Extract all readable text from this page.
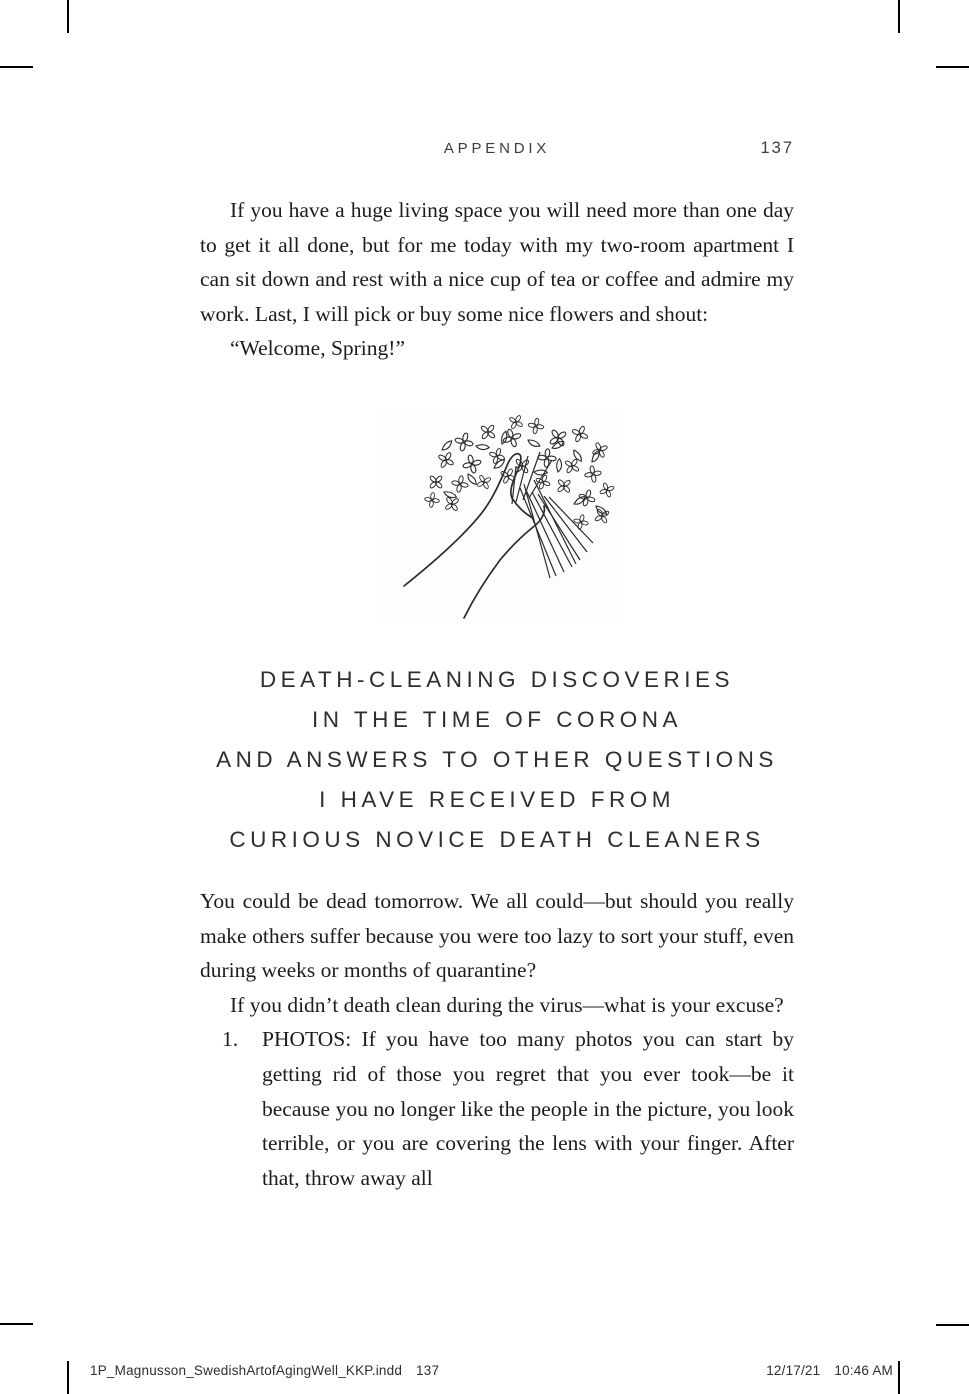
APPENDIX	137

If you have a huge living space you will need more than one day to get it all done, but for me today with my two-room apartment I can sit down and rest with a nice cup of tea or coffee and admire my work. Last, I will pick or buy some nice flowers and shout:

“Welcome, Spring!”

DEATH-CLEANING DISCOVERIES
IN THE TIME OF CORONA
AND ANSWERS TO OTHER QUESTIONS
I HAVE RECEIVED FROM
CURIOUS NOVICE DEATH CLEANERS

You could be dead tomorrow. We all could—but should you really make others suffer because you were too lazy to sort your stuff, even during weeks or months of quarantine?

If you didn’t death clean during the virus—what is your excuse?

1.	PHOTOS: If you have too many photos you can start by getting rid of those you regret that you ever took—be it because you no longer like the people in the picture, you look terrible, or you are covering the lens with your finger. After that, throw away all
1P_Magnusson_SwedishArtofAgingWell_KKP.indd 137	12/17/21 10:46 AM
